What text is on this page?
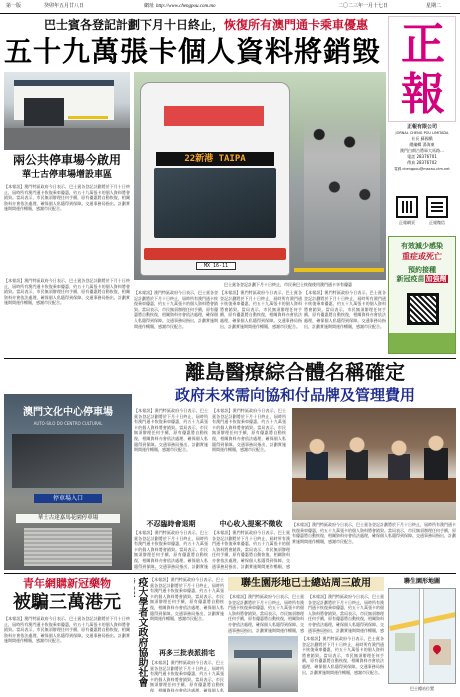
第一版	癸卯年五月廿八日	網址 http://www.chengpou.com.mo	二〇二三年一月十七日	星期二
巴士賓各登記計劃下月十日終止，恢復所有澳門通卡乘車優惠
五十九萬張卡個人資料將銷毀 正
報
正報有限公司
JORNAL CHENG POU LIMITADA
社長 蘇國橋
總編輯 湯海東
澳門白朗古將軍大馬路…
電話 28376701
傳真 28376702
電郵 chengpou@macau.ctm.net
正報網頁	正報微信
有效減少感染
重症或死亡
預約接種
新冠疫苗加強劑
兩公共停車場今啟用
華士古停車場增設車區
【本報訊】澳門特區政府今日表示，巴士賓各登記計劃將於下月十日終止，屆時所有澳門通卡恢復乘車優惠，約五十九萬張卡的個人資料將會銷毀。當局表示，市民無須辦理任何手續，原有優惠將自動恢復，相關資料亦會依法處理，確保個人私隱得到保障。交通事務局指出，計劃實施期間運作暢順，感謝市民配合。
22新港 TAIPA
MX 16-11
巴士賓各登記計劃下月十日終止，市民乘巴士恢復使用澳門通卡享有優惠
【本報訊】澳門特區政府今日表示，巴士賓各登記計劃將於下月十日終止，屆時所有澳門通卡恢復乘車優惠，約五十九萬張卡的個人資料將會銷毀。當局表示，市民無須辦理任何手續，原有優惠將自動恢復，相關資料亦會依法處理，確保個人私隱得到保障。交通事務局指出，計劃實施期間運作暢順，感謝市民配合。
【本報訊】澳門特區政府今日表示，巴士賓各登記計劃將於下月十日終止，屆時所有澳門通卡恢復乘車優惠，約五十九萬張卡的個人資料將會銷毀。當局表示，市民無須辦理任何手續，原有優惠將自動恢復，相關資料亦會依法處理，確保個人私隱得到保障。交通事務局指出，計劃實施期間運作暢順，感謝市民配合。
【本報訊】澳門特區政府今日表示，巴士賓各登記計劃將於下月十日終止，屆時所有澳門通卡恢復乘車優惠，約五十九萬張卡的個人資料將會銷毀。當局表示，市民無須辦理任何手續，原有優惠將自動恢復，相關資料亦會依法處理，確保個人私隱得到保障。交通事務局指出，計劃實施期間運作暢順，感謝市民配合。
【本報訊】澳門特區政府今日表示，巴士賓各登記計劃將於下月十日終止，屆時所有澳門通卡恢復乘車優惠，約五十九萬張卡的個人資料將會銷毀。當局表示，市民無須辦理任何手續，原有優惠將自動恢復，相關資料亦會依法處理，確保個人私隱得到保障。交通事務局指出，計劃實施期間運作暢順，感謝市民配合。
離島醫療綜合體名稱確定
政府未來需向協和付品牌及管理費用
澳門文化中心停車場
AUTO-SILO DO CENTRO CULTURAL
停車場入口
華士古達嘉馬花園停車場
【本報訊】澳門特區政府今日表示，巴士賓各登記計劃將於下月十日終止，屆時所有澳門通卡恢復乘車優惠，約五十九萬張卡的個人資料將會銷毀。當局表示，市民無須辦理任何手續，原有優惠將自動恢復，相關資料亦會依法處理，確保個人私隱得到保障。交通事務局指出，計劃實施期間運作暢順，感謝市民配合。
【本報訊】澳門特區政府今日表示，巴士賓各登記計劃將於下月十日終止，屆時所有澳門通卡恢復乘車優惠，約五十九萬張卡的個人資料將會銷毀。當局表示，市民無須辦理任何手續，原有優惠將自動恢復，相關資料亦會依法處理，確保個人私隱得到保障。交通事務局指出，計劃實施期間運作暢順，感謝市民配合。
【本報訊】澳門特區政府今日表示，巴士賓各登記計劃將於下月十日終止，屆時所有澳門通卡恢復乘車優惠，約五十九萬張卡的個人資料將會銷毀。當局表示，市民無須辦理任何手續，原有優惠將自動恢復，相關資料亦會依法處理，確保個人私隱得到保障。交通事務局指出，計劃實施期間運作暢順，感謝市民配合。
不忍臨時會退期
【本報訊】澳門特區政府今日表示，巴士賓各登記計劃將於下月十日終止，屆時所有澳門通卡恢復乘車優惠，約五十九萬張卡的個人資料將會銷毀。當局表示，市民無須辦理任何手續，原有優惠將自動恢復，相關資料亦會依法處理，確保個人私隱得到保障。交通事務局指出，計劃實施
中心收入提案不徵收
【本報訊】澳門特區政府今日表示，巴士賓各登記計劃將於下月十日終止，屆時所有澳門通卡恢復乘車優惠，約五十九萬張卡的個人資料將會銷毀。當局表示，市民無須辦理任何手續，原有優惠將自動恢復，相關資料亦會依法處理，確保個人私隱得到保障。交通事務局指出，計劃實施期間運作暢順，感
青年網購新冠藥物
被騙三萬港元
【本報訊】澳門特區政府今日表示，巴士賓各登記計劃將於下月十日終止，屆時所有澳門通卡恢復乘車優惠，約五十九萬張卡的個人資料將會銷毀。當局表示，市民無須辦理任何手續，原有優惠將自動恢復，相關資料亦會依法處理，確保個人私隱得到保障。交通事務局指出，計劃實施期間運作暢順，感謝市民配合。
疫大學者文政府協助社會
【本報訊】澳門特區政府今日表示，巴士賓各登記計劃將於下月十日終止，屆時所有澳門通卡恢復乘車優惠，約五十九萬張卡的個人資料將會銷毀。當局表示，市民無須辦理任何手續，原有優惠將自動恢復，相關資料亦會依法處理，確保個人私隱得到保障。交通事務局指出，計劃實施期間運作暢順，感謝市民配合。
再多三批表派捐宅
【本報訊】澳門特區政府今日表示，巴士賓各登記計劃將於下月十日終止，屆時所有澳門通卡恢復乘車優惠，約五十九萬張卡的個人資料將會銷毀。當局表示，市民無須辦理任何手續，原有優惠將自動恢復，相關資料亦會依法處理，確保個人私
聯生園形地已士總站周三啟用
【本報訊】澳門特區政府今日表示，巴士賓各登記計劃將於下月十日終止，屆時所有澳門通卡恢復乘車優惠，約五十九萬張卡的個人資料將會銷毀。當局表示，市民無須辦理任何手續，原有優惠將自動恢復，相關資料亦會依法處理，確保個人私隱得到保障。交通事務局指出，計劃實施期間運作暢順，感
【本報訊】澳門特區政府今日表示，巴士賓各登記計劃將於下月十日終止，屆時所有澳門通卡恢復乘車優惠，約五十九萬張卡的個人資料將會銷毀。當局表示，市民無須辦理任何手續，原有優惠將自動恢復，相關資料亦會依法處理，確保個人私隱得到保障。交通事務局指出，計劃實施期間運作暢順，感
【本報訊】澳門特區政府今日表示，巴士賓各登記計劃將於下月十日終止，屆時所有澳門通卡恢復乘車優惠，約五十九萬張卡的個人資料將會銷毀。當局表示，市民無須辦理任何手續，原有優惠將自動恢復，相關資料亦會依法處理，確保個人私隱得到保障。交通事務局指出，計劃實施期間運作暢順，感謝市民配合。
聯生園形地圖
巴士總站位置
